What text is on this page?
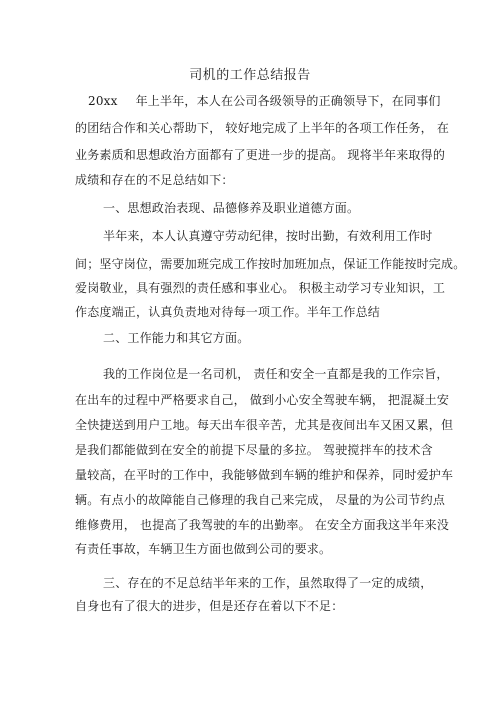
司机的工作总结报告
20xx 年上半年，本人在公司各级领导的正确领导下，在同事们
的团结合作和关心帮助下， 较好地完成了上半年的各项工作任务， 在
业务素质和思想政治方面都有了更进一步的提高。 现将半年来取得的
成绩和存在的不足总结如下：
一、思想政治表现、品德修养及职业道德方面。
半年来，本人认真遵守劳动纪律，按时出勤，有效利用工作时
间；坚守岗位，需要加班完成工作按时加班加点，保证工作能按时完成。
爱岗敬业，具有强烈的责任感和事业心。 积极主动学习专业知识，工
作态度端正，认真负责地对待每一项工作。半年工作总结
二、工作能力和其它方面。
我的工作岗位是一名司机， 责任和安全一直都是我的工作宗旨，
在出车的过程中严格要求自己， 做到小心安全驾驶车辆， 把混凝土安
全快捷送到用户工地。每天出车很辛苦，尤其是夜间出车又困又累，但
是我们都能做到在安全的前提下尽量的多拉。 驾驶搅拌车的技术含
量较高，在平时的工作中，我能够做到车辆的维护和保养，同时爱护车
辆。有点小的故障能自己修理的我自己来完成， 尽量的为公司节约点
维修费用， 也提高了我驾驶的车的出勤率。 在安全方面我这半年来没
有责任事故，车辆卫生方面也做到公司的要求。
三、存在的不足总结半年来的工作，虽然取得了一定的成绩，
自身也有了很大的进步，但是还存在着以下不足：
